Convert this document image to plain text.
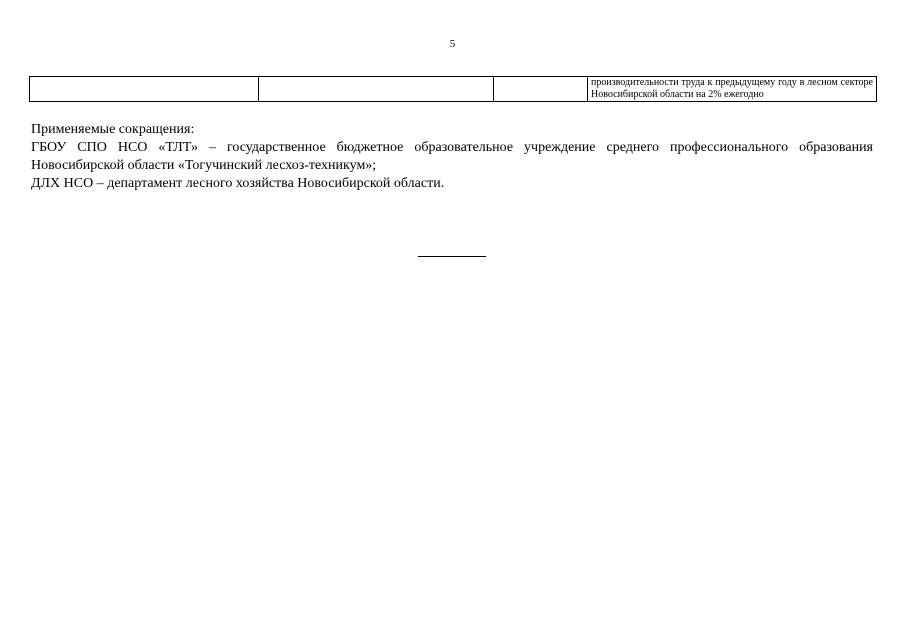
5
			производительности труда к предыдущему году в лесном секторе Новосибирской области на 2% ежегодно

Применяемые сокращения:

ГБОУ СПО НСО «ТЛТ» – государственное бюджетное образовательное учреждение среднего профессионального образования Новосибирской области «Тогучинский лесхоз-техникум»;

ДЛХ НСО – департамент лесного хозяйства Новосибирской области.
